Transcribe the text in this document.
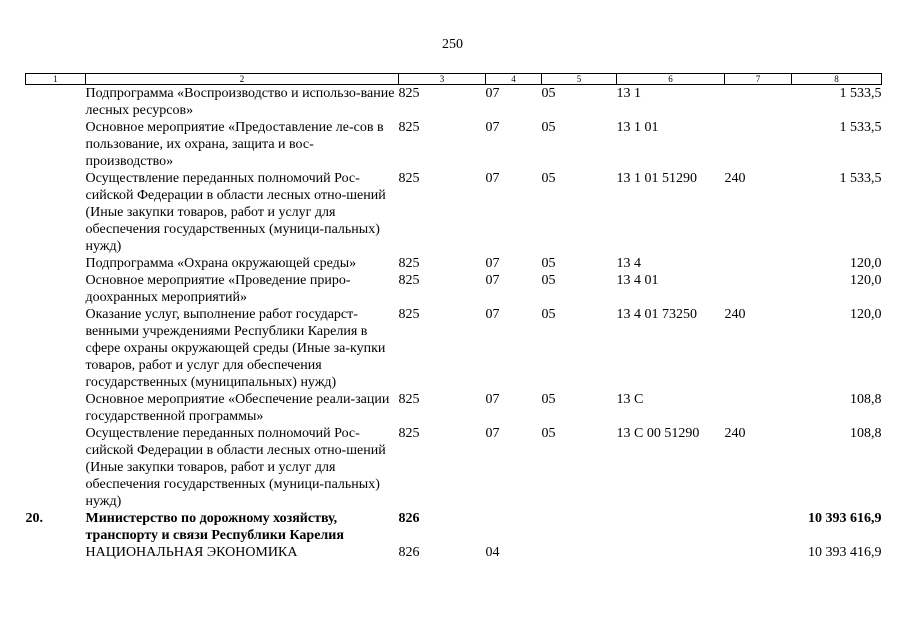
250
1	2	3	4	5	6	7	8
	Подпрограмма «Воспроизводство и использо-вание лесных ресурсов»	825	07	05	13 1		1 533,5
	Основное мероприятие «Предоставление ле-сов в пользование, их охрана, защита и вос-производство»	825	07	05	13 1 01		1 533,5
	Осуществление переданных полномочий Рос-сийской Федерации в области лесных отно-шений (Иные закупки товаров, работ и услуг для обеспечения государственных (муници-пальных) нужд)	825	07	05	13 1 01 51290	240	1 533,5
	Подпрограмма «Охрана окружающей среды»	825	07	05	13 4		120,0
	Основное мероприятие «Проведение приро-доохранных мероприятий»	825	07	05	13 4 01		120,0
	Оказание услуг, выполнение работ государст-венными учреждениями Республики Карелия в сфере охраны окружающей среды (Иные за-купки товаров, работ и услуг для обеспечения государственных (муниципальных) нужд)	825	07	05	13 4 01 73250	240	120,0
	Основное мероприятие «Обеспечение реали-зации государственной программы»	825	07	05	13 С		108,8
	Осуществление переданных полномочий Рос-сийской Федерации в области лесных отно-шений (Иные закупки товаров, работ и услуг для обеспечения государственных (муници-пальных) нужд)	825	07	05	13 С 00 51290	240	108,8
20.	Министерство по дорожному хозяйству, транспорту и связи Республики Карелия	826					10 393 616,9
	НАЦИОНАЛЬНАЯ ЭКОНОМИКА	826	04				10 393 416,9
